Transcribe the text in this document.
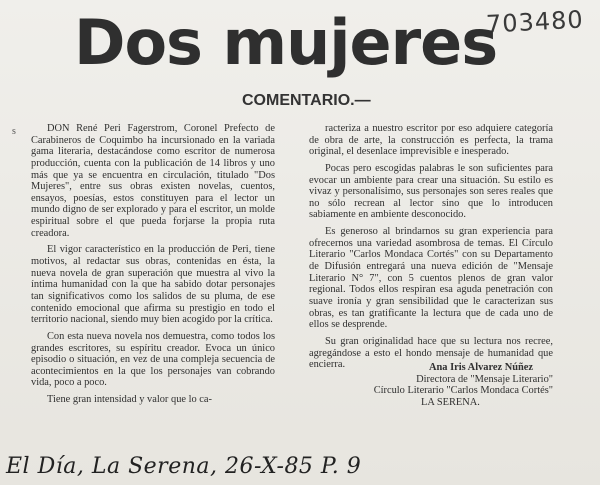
703480
Dos mujeres
COMENTARIO.—
s	DON René Peri Fagerstrom, Coronel Prefecto de Carabineros de Coquimbo ha incursionado en la variada gama literaria, destacándose como escritor de numerosa producción, cuenta con la publicación de 14 libros y uno más que ya se encuentra en circulación, titulado "Dos Mujeres", entre sus obras existen novelas, cuentos, ensayos, poesías, estos constituyen para el lector un mundo digno de ser explorado y para el escritor, un molde espiritual sobre el que pueda forjarse la propia ruta creadora.

El vigor característico en la producción de Peri, tiene motivos, al redactar sus obras, contenidas en ésta, la nueva novela de gran superación que muestra al vivo la íntima humanidad con la que ha sabido dotar personajes tan significativos como los salidos de su pluma, de ese contenido emocional que afirma su prestigio en todo el territorio nacional, siendo muy bien acogido por la crítica.

Con esta nueva novela nos demuestra, como todos los grandes escritores, su espíritu creador. Evoca un único episodio o situación, en vez de una compleja secuencia de acontecimientos en la que los personajes van cobrando vida, poco a poco.

Tiene gran intensidad y valor que lo ca-

racteriza a nuestro escritor por eso adquiere categoría de obra de arte, la construcción es perfecta, la trama original, el desenlace imprevisible e inesperado.

Pocas pero escogidas palabras le son suficientes para evocar un ambiente para crear una situación. Su estilo es vivaz y personalísimo, sus personajes son seres reales que no sólo recrean al lector sino que lo introducen sabiamente en ambiente desconocido.

Es generoso al brindarnos su gran experiencia para ofrecernos una variedad asombrosa de temas. El Círculo Literario "Carlos Mondaca Cortés" con su Departamento de Difusión entregará una nueva edición de "Mensaje Literario N° 7", con 5 cuentos plenos de gran valor regional. Todos ellos respiran esa aguda penetración con suave ironía y gran sensibilidad que le caracterizan sus obras, es tan gratificante la lectura que de cada uno de ellos se desprende.

Su gran originalidad hace que su lectura nos recree, agregándose a esto el hondo mensaje de humanidad que encierra.	Ana Iris Alvarez Núñez
Directora de "Mensaje Literario"
Círculo Literario "Carlos Mondaca Cortés"
LA SERENA.
El Día, La Serena, 26-X-85 P. 9
